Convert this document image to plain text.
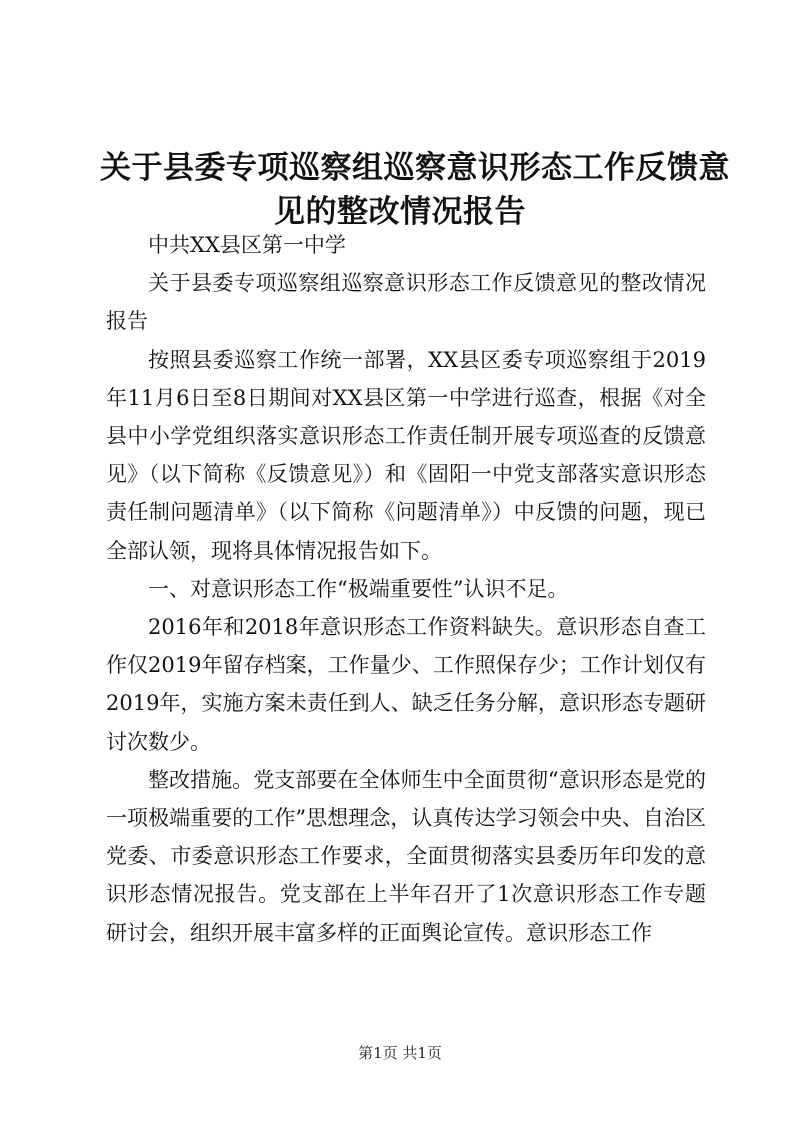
关于县委专项巡察组巡察意识形态工作反馈意
见的整改情况报告

中共XX县区第一中学

关于县委专项巡察组巡察意识形态工作反馈意见的整改情况报告

按照县委巡察工作统一部署，XX县区委专项巡察组于2019年11月6日至8日期间对XX县区第一中学进行巡查，根据《对全县中小学党组织落实意识形态工作责任制开展专项巡查的反馈意见》（以下简称《反馈意见》）和《固阳一中党支部落实意识形态责任制问题清单》（以下简称《问题清单》）中反馈的问题，现已全部认领，现将具体情况报告如下。

一、对意识形态工作“极端重要性”认识不足。

2016年和2018年意识形态工作资料缺失。意识形态自查工作仅2019年留存档案，工作量少、工作照保存少；工作计划仅有2019年，实施方案未责任到人、缺乏任务分解，意识形态专题研讨次数少。

整改措施。党支部要在全体师生中全面贯彻“意识形态是党的一项极端重要的工作”思想理念，认真传达学习领会中央、自治区党委、市委意识形态工作要求，全面贯彻落实县委历年印发的意识形态情况报告。党支部在上半年召开了1次意识形态工作专题研讨会，组织开展丰富多样的正面舆论宣传。意识形态工作

第1页 共1页
